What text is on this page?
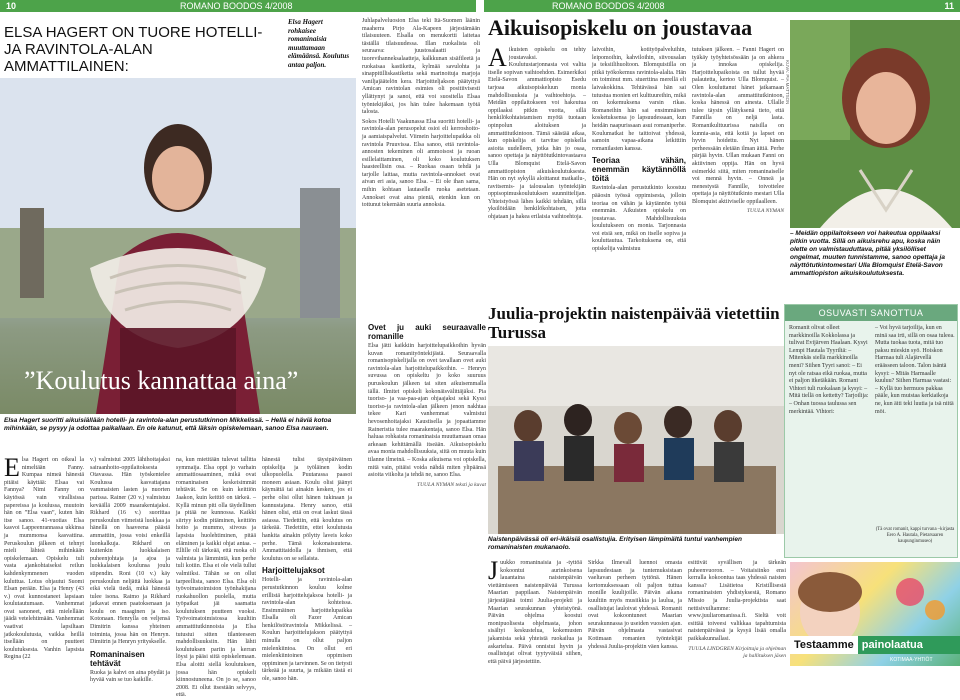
10	ROMANO BOODOS 4/2008	ROMANO BOODOS 4/2008	11
ELSA HAGERT ON TUORE HOTELLI- JA RAVINTOLA-ALAN AMMATTILAINEN:
Elsa Hagert rohkaisee romaninaisia muuttamaan elämäänsä. Koulutus antaa paljon.
”Koulutus kannattaa aina”
Elsa Hagert suoritti aikuisiällään hotelli- ja ravintola-alan perustutkinnon Mikkelissä. – Hellä ei häviä kotoa mihinkään, se pysyy ja odottaa paikallaan. En ole katunut, että läksin opiskelemaan, sanoo Elsa nauraen.

Juhlapalveluosion Elsa teki Itä-Suomen läänin maaherra Pirjo Ala-Kapeen järjestämään tilaisuuteen. Elsalla on menukortti laitetaa täställä tilaisuudessa. Illan ruokalista oli seuraava: juustosalaatti ja tuorevihanneksalaatteja, kalkkunan sisäfileetä ja ruokaisaa kastiketta, kylmää savulohta ja sinappitilliskastiketta sekä marinoituja marjoja vaniljajäätelön kera. Harjoitteljakson päätyttyä Amican ravintolan esimies oli positiivisesti yllättynyt ja sanoi, että voi suositella Elsaa työntekijäksi, jos hän tulee hakemaan työtä talosta.

Sokos Hotelli Vaakunassa Elsa suoritti hotelli- ja ravintola-alan perusopelut osioi eli kerroshoito- ja aamiaispalvelut. Viimein harjoittelupaikka oli ravintola Pruuvissa. Elsa sanoo, että ravintola-annosten tekeminen oli ammoisost ja ruoan esillelaittaminen, oli koko koulutuksen haasteellisin osa. – Ruokaa osaan tehdä ja tarjolle laittaa, mutta ravintola-annokset ovat aivan eri asia, sanoo Elsa. – Ei ole ihan sama, mihin kohtaan lautaselle ruoka asetetaan. Annokset ovat aina pieniä, etenkin kun on tottunut tekemään suuria annoksia.

E lsa Hagert on oikeal la nimeltään Fanny. Kumpaa nimeä hänestä pitäisi käyttää: Elsaa vai Fannya? Nimi Fanny on käytössä vain virallisissa papereissa ja koulussa, muutoin hän on ”Elsa vaan”, kuten hän itse sanoo. 41-vuotias Elsa kasvoi Lappeenrannassa ukkinsa ja mummonsa kasvattina. Peruskoulun jälkeen ei tehnyt mieli lähteä mihinkään opiskelemaan. Opiskelu tuli vasta ajankohtaiseksi reilun kahdenkymmenen vuoden kuluttua. Lotus ohjautui Suomi Elsan perään. Elsa ja Henry (43 v.) ovat kunnostaneet lapsiaan koulutautumaan. Vanhemmat ovat sanoneet, että mielellään jäädä vetelehtimään. Vanhemmat vaativat lapsiltaan jatkokoulutusta, vaikka heillä itsellään on puutteet koulutuksesta. Vanhin lapsista Regina (22

v.) valmistui 2005 lähihoitajaksi sairaanhoito-oppilaitoksesta Otavassa. Hän työskentelee Koulussa kasvattajana vammaisten lasten ja nuorten parissa. Rainer (20 v.) valmistuu keväällä 2009 maarakentajaksi. Rikhard (16 v.) suorittaa peruskoulun viimeistä luokkaa ja hänellä on haaveena päästä ammattiin, jossa voisi enkeillä luonkalkuja. Rikhard on kuitenkin luokkalaisen puheenjohtaja ja ajoa ja luokkalaisen koulunsa joulu stipendin. Roni (10 v.) käy peruskoulun neljättä luokkaa ja eikä vielä tiedä, mikä hänestä tulee isona. Raimo ja Rikhard jatkavat ennen paatoksenaan ja koulu on maaginen ja iso. Kotonaan. Henrylla on veljensä Dimitrin kanssa yhteinen toiminta, jossa hän on Henryn. Dimitrin ja Henryn yrityskselle.

Romaninaisen tehtävät

Ruoka ja kahvi on aina pöydät ja hyvää vain se tuo kaikille.

na, kun mietitään tulevat tallitta symmaija. Elsa oppi jo varhain ammattiosaaminen, mikä ovat romaninaisen keskeisimmät tehtävät. Se on kuin keittiön Jaakon, kuin keittiö on tärkeä. – Kyllä minun piti olla täydellinen ja pitää ne kunnossa. Kaikki siirtyy kodin pitäminen, keittiön hoito ja mummo, siivous ja lapsista huolehtiminen, pitää eläminen ja kaikki ohjat antaa. – Ellille oli tärkeää, että ruoka oli valmista ja lämmintä, kun perhe tuli kotiin. Elsa ei ole vielä tullut valmiiksi. Tähän se on ollut tarpeellista, sanoo Elsa. Elsa oli työvoimatoimiston työnhakijana ruokahuollon puolella, mutta työpaikat jäi saamatta koulutuksen puutteen vuoksi. Työvoimatoimistossa kuultiin ammattitutkinnoista ja Elsa tutustui sitten tilanteeseen mahdollisuuksiin. Hän lähti koulutuksen pariin ja kerran löysi ja pääsi siitä opiskelemaan. Elsa aloitti siellä koulutuksen, jossa hän opiskeli kiinnostuneena. On jo se, sanoo 2008. Ei ollut itsestään selvyys, että.

hänestä tulisi täysipäiväinen opiskelija ja työläinen kodin ulkopuolella. Puutarassa paasoi moneen asiaan. Koulu olisi jäänyt käymättä tai ainakin kesken, jos ei perhe olisi ollut hänen tukinaan ja kannustajana. Henry sanoo, että hänen olisi, että on ovat laskut tässä asiassa. Tiedettiin, että koulutus on tärkeää. Tiedettiin, ettei koulutusta hankita ainakin pölytty laveis koko perhe. Tämä kokonaisuutena. Ammattitaidolla ja ihmisen, että koulutus on se sellaista.

Harjoittelujaksot

Hotelli- ja ravintola-alan perustutkinnon kouluu kolme erillistä harjoittelujaksoa hotelli- ja ravintola-alan kohteissa. Ensimmäinen harjoittelupaikka Elsalla oli Fazer Amican henkilöstöravintola Mikkelissä. – Koulun harjoittelujakson päätyttyä minulla on ollut paljon mielenkiintoa. On ollut eri mielenkiintoinen oppimisen oppiminen ja tarvinnen. Se on tietysti tärkeää ja suurta, ja mikään tästä ei ole, sanoo hän.

Aikuisopiskelu on joustavaa
A ikuisten opiskelu on tehty joustavaksi. Koulutustarjonnasta voi valita itselle sopivan vaihtoehdon. Esimerkiksi Etelä-Savon ammattiopisto Esedu tarjoaa aikuisopiskeluun monia mahdollisuuksia ja vaihtoehtoja. – Meidän oppilaitokseen voi hakeutua oppilaaksi pitkin vuotta, sillä henkilökohtaistamisen myötä tuotaan opinpolun aloituksen ja ammattitutkintoon. Tämä säästää aikaa, kun opiskelija ei tarvitse opiskella asioita uudelleen, jotka hän jo osaa, sanoo opettaja ja näyttötutkintovastaava Ulla Blomquist Etelä-Savon ammattiopiston aikuiskoulutuksesta. Hän on nyt sykyllä aloittanut matkailu-, ravitsemis- ja talousalan työntekijän oppisopimuskoulutuksen suunnittelijan. Yhteistyössä lähes kaikki tehdään, sillä yksilöidään henkilökohtaisen, joita ohjataan ja hakea erilaisia vaihtoehtoja.

laivoihin, kotityöpalveluihin, leipomoihin, kahviloihin, siivousalan ja teksiilihuoltoon. Blomquistilla on pitkä työkokemus ravintola-alalta. Hän on toiminut mm. stuerttina merellä eli laivakokkina. Tehtävässä hän sai tutustua monien eri kulttuureihin, mikä on kokemuksena varsin rikas. Romaneihin hän sai ensimmäisen kosketuksensa jo lapsuudessaan, kun heidän naapurissaan asui romaniperhe. Koulumatkat he taittoivat yhdessä, samoin vapaa-aikana leikittiin romanilasten kanssa.

Teoriaa vähän, enemmän käytännöllä töitä

Ravintola-alan perustutkinto koostuu pääosin työssä oppimisesta, jolloin teoriaa on vähän ja käytännön työtä enemmän. Aikuisten opiskelu on joustavaa. Mahdollisuuksia koulutukseen on monia. Tarjonnasta voi etsiä sen, mikä on itselle sopiva ja kouluttautua. Tarkoituksena on, että opiskelija valmistuu

tutuksen jälkeen. – Fanni Hagert on tyäkäy työyhteisössään ja on ahkera ja innokas opiskelija. Harjoittelupaikoista on tullut hyvää palautetta, kertoo Ulla Blomquist. – Olen kouluttanut hänet jatkamaan ravintola-alan ammattitutkintoon, koska hänessä on ainesta. Ullalle tulee täysin yllätyksenä tieto, että Fannilla on neljä lasta. Romanikulttuurissa naisilla on kunnia-asia, että kotiä ja lapset on hyvin hoidettu. Nyt hänen perheessään eletään ilman äitiä. Perhe pärjää hyvin. Ullan mukaan Fanni on aktiivinen oppija. Hän on hyvä esimerkki siitä, miten romaninaiselle voi mennä hyvin. – Onneä ja menestystä Fannille, toivottelee opettaja ja näyttötutkinto mestari Ulla Blomquist aktiiviselle oppilaalleen.

TUULA NYMAN

KUVA: PIA MATTSON
– Meidän oppilaitokseen voi hakeutua oppilaaksi pitkin vuotta. Sillä on aikuisrehu apu, koska näin olette on valmistauduttava, pitää yksilölliset ongelmat, muuten tunnistamme, sanoo opettaja ja näyttötutkintomestari Ulla Blomquist Etelä-Savon ammattiopiston aikuiskoulutuksesta.
Ovet ju auki seuraavalle romanille

Elsa jätti kaikkiin harjoittelupaikkoihin hyvän kuvan romanityöntekijästä. Seuraavalla romanisopiskelijalla on ovet tavallaan ovet auki ravintola-alan harjoittelupaikkoihin. – Henryn suvussa on opiskeltu jo koko suuruus puruskoulun jälkeen tai siten aikuisemmalla iällä. Ilmitet opiskeli kokonäisvälittäjäksi. Pia tuoriso- ja vaa-paa-ajan ohjaajaksi sekä Kyssi tuoriso-ja ravintola-alan jälkeen jenon nakhtaa tekee Kari vanhemmat valmistui hevosenhoitajaksi Kaustisella ja jopaattamme Raineristia tulee maarakentaja, sanoo Elsa. Hän haluaa rohkaista romaninaisia muuttamaan omaa arkeaan kehittämällä itseään. Aikuisopiskelu avaa monia mahdollisuuksia, siitä on muuta kuin tilanne ilmeinä. – Koska aikuisena voi opiskella, mitä vain, pitäisi voida nähdä miten ylipäänsä asioita viikolta ja tehdä ne, sanoo Elsa.

TUULA NYMAN teksti ja kuvat

Juulia-projektin naistenpäivää vietettiin Turussa
Naistenpäivässä oli eri-ikäisiä osallistujia. Erityisen lämpimältä tuntui vanhempien romaninaisten mukanaolo.
J uukko romaninaisia ja -tyttöä kokoontui aurinkoisena lauantaina naistenpäivän viettämiseen naistenpäivää Turussa Maarian pappilaan. Naistenpäivän järjestäjänä toimi Juulia-projekti ja Maarian seurakunnan yhteistyönä. Päivän ohjelma koostui monipuolisesta ohjelmasta, johon sisältyi keskustelua, kokemusten jakamista sekä yhteistä ruokailua ja askartelua. Päivä onnistui hyvin ja osallistujat olivat tyytyväisiä siihen, että päivä järjestettiin.

Sirkka Ilmevall luennoi omasta lapsuudestaan ja tuntemuksistaan vaeltavan perheen tyttönä. Hänen kertomuksessaan oli paljon tuttua monille kuulijoille. Päivän aikana kuultiin myös musiikkia ja laulua, ja osallistujat lauloivat yhdessä. Romanit ovat kokoontuneet Maarian seurakunnassa jo useiden vuosien ajan. Päivän ohjelmasta vastasivat Kotimaan romanien työntekijät yhdessä Juulia-projektin väen kanssa.

esittivät syvällisen ja tärkeän puheenvuoron. – Voitaisiinko ensi kerralla kokoontua taas yhdessä naisten kanssa? Lisätietoa Kristillisestä romaninaisten yhdistyksestä, Romano Missio ja Juulia-projektista saat nettisivuiltamme: www.juuliaromanissa.fi. Sieltä voit esittää toiveesi valikkaa tapahtumista naistenpäivässä ja kysyä lisää omalla paikkakunnallasi.

TUULA LINDGREN Kirjoittaja ja ohjelman ja hallituksen jäsen

OSUVASTI SANOTTUA
Romanit olivat olleet markkinoilla Kokkolassa ja tulivat Evijärven Haalaan. Kysyi Lempi Hautala Tyyriltä: – Mitenkäs siellä markkinoilla meni? Siihen Tyyri sanoi: – Ei nyt ole ratsaa eikä ruokaa, mutta ei paljon itketäkään. Romani Vihtori tuli ruokalaan ja kysyi: – Mitä tiellä on kettetty? Tarjoilija: – Onhan tuossa taulussa sen merkintää. Vihtori:
– Voi hyvä tarjoilija, kun en minä saa irti, sillä on osaa tuleea. Mutta tuokaa tuota, mitä tuo paksu mieskin syö. Hoiskon Harmaa tuli Alajärvellä eräässeen taloon. Talon isäntä kysyi: – Mitäs Harmaalle kuuluu? Siihen Harmaa vastasi: – Kyllä tuo hermuos pakkaa pääle, kun muistaa kerkiaikoja ne, kun äiti teki luutia ja isä niitä möi.
(Tä ovat romanit, kappi turvana –kirjasta Eero A. Hautala, Pietarsaaren kaupunginmuseo)
Testaamme painolaatua
KOTIMAA-YHTIÖT
